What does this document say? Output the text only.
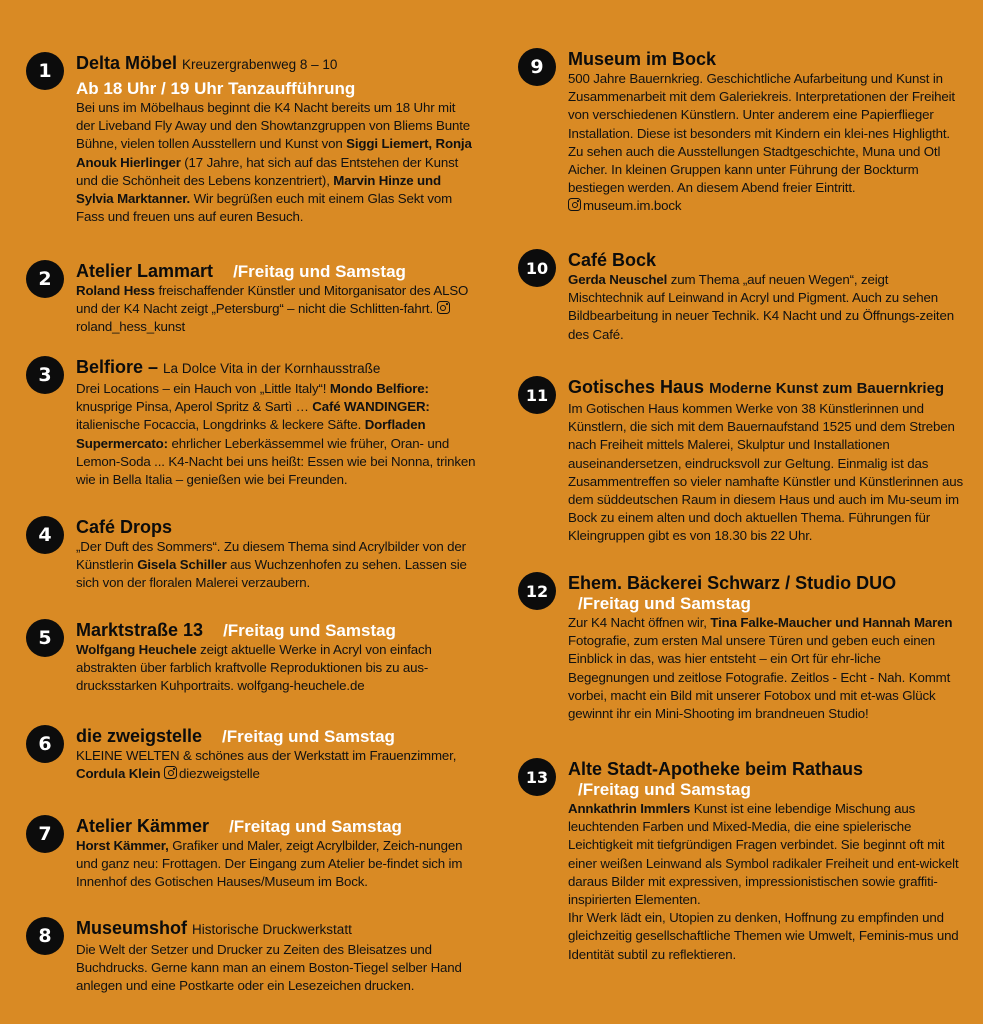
1	Delta Möbel Kreuzergrabenweg 8 – 10
Ab 18 Uhr / 19 Uhr Tanzaufführung
Bei uns im Möbelhaus beginnt die K4 Nacht bereits um 18 Uhr mit der Liveband Fly Away und den Showtanzgruppen von Bliems Bunte Bühne, vielen tollen Ausstellern und Kunst von Siggi Liemert, Ronja Anouk Hierlinger (17 Jahre, hat sich auf das Entstehen der Kunst und die Schönheit des Lebens konzentriert), Marvin Hinze und Sylvia Marktanner. Wir begrüßen euch mit einem Glas Sekt vom Fass und freuen uns auf euren Besuch.
2	Atelier Lammart /Freitag und Samstag
Roland Hess freischaffender Künstler und Mitorganisator des ALSO und der K4 Nacht zeigt „Petersburg“ – nicht die Schlitten-fahrt. roland_hess_kunst
3	Belfiore – La Dolce Vita in der Kornhausstraße
Drei Locations – ein Hauch von „Little Italy“! Mondo Belfiore: knusprige Pinsa, Aperol Spritz & Sartì … Café WANDINGER: italienische Focaccia, Longdrinks & leckere Säfte. Dorfladen Supermercato: ehrlicher Leberkässemmel wie früher, Oran- und Lemon-Soda ... K4-Nacht bei uns heißt: Essen wie bei Nonna, trinken wie in Bella Italia – genießen wie bei Freunden.
4	Café Drops
„Der Duft des Sommers“. Zu diesem Thema sind Acrylbilder von der Künstlerin Gisela Schiller aus Wuchzenhofen zu sehen. Lassen sie sich von der floralen Malerei verzaubern.
5	Marktstraße 13 /Freitag und Samstag
Wolfgang Heuchele zeigt aktuelle Werke in Acryl von einfach abstrakten über farblich kraftvolle Reproduktionen bis zu aus-drucksstarken Kuhportraits. wolfgang-heuchele.de
6	die zweigstelle /Freitag und Samstag
KLEINE WELTEN & schönes aus der Werkstatt im Frauenzimmer, Cordula Klein diezweigstelle
7	Atelier Kämmer /Freitag und Samstag
Horst Kämmer, Grafiker und Maler, zeigt Acrylbilder, Zeich-nungen und ganz neu: Frottagen. Der Eingang zum Atelier be-findet sich im Innenhof des Gotischen Hauses/Museum im Bock.
8	Museumshof Historische Druckwerkstatt
Die Welt der Setzer und Drucker zu Zeiten des Bleisatzes und Buchdrucks. Gerne kann man an einem Boston-Tiegel selber Hand anlegen und eine Postkarte oder ein Lesezeichen drucken.
9	Museum im Bock

500 Jahre Bauernkrieg. Geschichtliche Aufarbeitung und Kunst in Zusammenarbeit mit dem Galeriekreis. Interpretationen der Freiheit von verschiedenen Künstlern. Unter anderem eine Papierflieger Installation. Diese ist besonders mit Kindern ein klei-nes Highligtht. Zu sehen auch die Ausstellungen Stadtgeschichte, Muna und Otl Aicher. In kleinen Gruppen kann unter Führung der Bockturm bestiegen werden. An diesem Abend freier Eintritt.

museum.im.bock

10	Café Bock
Gerda Neuschel zum Thema „auf neuen Wegen“, zeigt Mischtechnik auf Leinwand in Acryl und Pigment. Auch zu sehen Bildbearbeitung in neuer Technik. K4 Nacht und zu Öffnungs-zeiten des Café.
11	Gotisches Haus Moderne Kunst zum Bauernkrieg
Im Gotischen Haus kommen Werke von 38 Künstlerinnen und Künstlern, die sich mit dem Bauernaufstand 1525 und dem Streben nach Freiheit mittels Malerei, Skulptur und Installationen auseinandersetzen, eindrucksvoll zur Geltung. Einmalig ist das Zusammentreffen so vieler namhafte Künstler und Künstlerinnen aus dem süddeutschen Raum in diesem Haus und auch im Mu-seum im Bock zu einem alten und doch aktuellen Thema. Führungen für Kleingruppen gibt es von 18.30 bis 22 Uhr.
12	Ehem. Bäckerei Schwarz / Studio DUO
/Freitag und Samstag
Zur K4 Nacht öffnen wir, Tina Falke-Maucher und Hannah Maren Fotografie, zum ersten Mal unsere Türen und geben euch einen Einblick in das, was hier entsteht – ein Ort für ehr-liche Begegnungen und zeitlose Fotografie. Zeitlos - Echt - Nah. Kommt vorbei, macht ein Bild mit unserer Fotobox und mit et-was Glück gewinnt ihr ein Mini-Shooting im brandneuen Studio!
13	Alte Stadt-Apotheke beim Rathaus
/Freitag und Samstag

Annkathrin Immlers Kunst ist eine lebendige Mischung aus leuchtenden Farben und Mixed-Media, die eine spielerische Leichtigkeit mit tiefgründigen Fragen verbindet. Sie beginnt oft mit einer weißen Leinwand als Symbol radikaler Freiheit und ent-wickelt daraus Bilder mit expressiven, impressionistischen sowie graffiti-inspirierten Elementen.

Ihr Werk lädt ein, Utopien zu denken, Hoffnung zu empfinden und gleichzeitig gesellschaftliche Themen wie Umwelt, Feminis-mus und Identität subtil zu reflektieren.
